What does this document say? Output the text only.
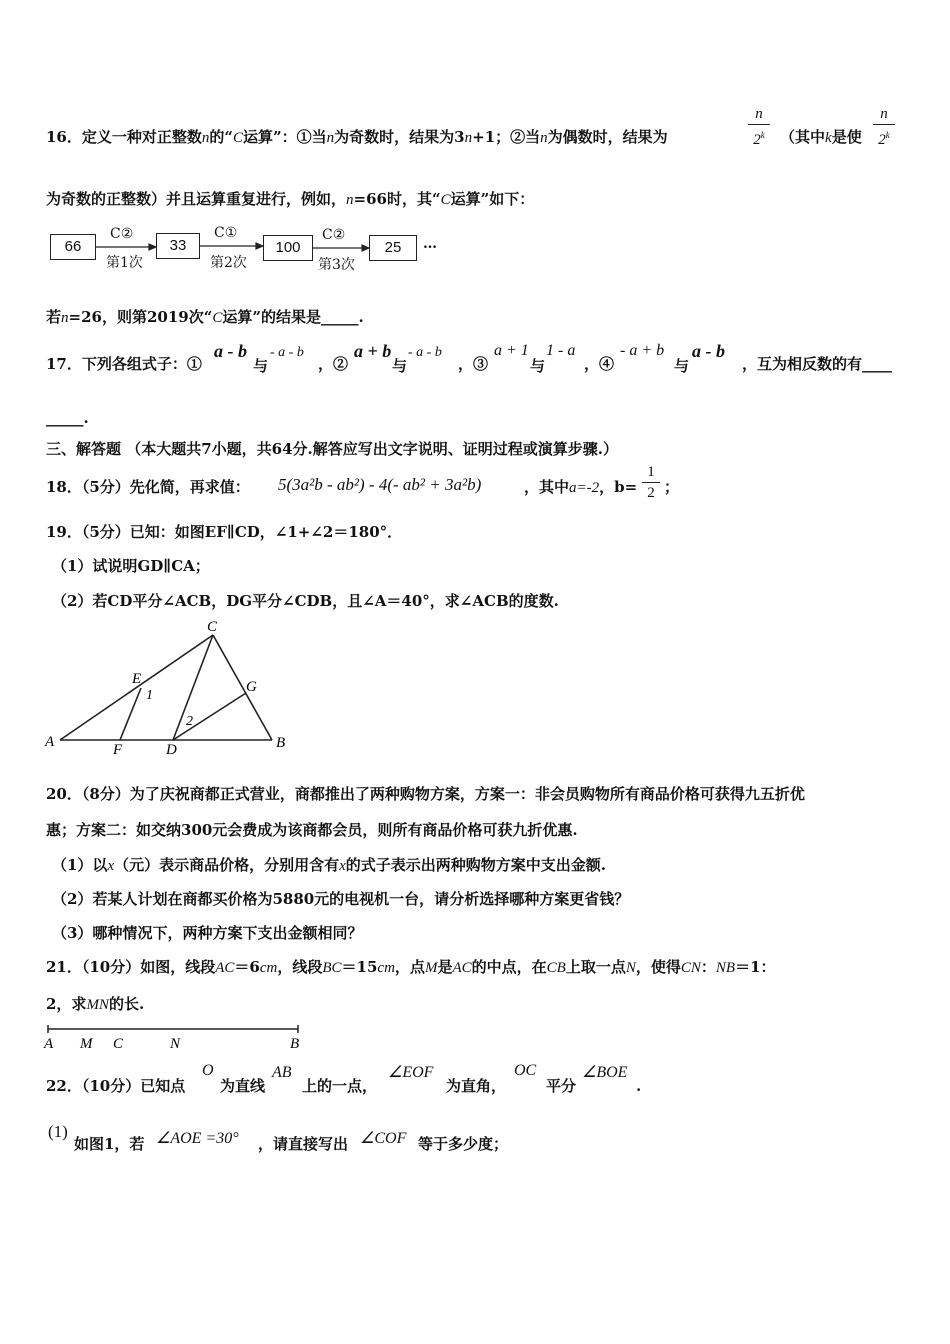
16．定义一种对正整数n的“C运算”：①当n为奇数时，结果为3n+1；②当n为偶数时，结果为	$\frac{n}{2^k}$ （其中k是使 $\frac{n}{2^k}$
为奇数的正整数）并且运算重复进行，例如，n=66时，其“C运算”如下：
66	33	100	25
C②	C①	C②
第1次	第2次	第3次
…
若n=26，则第2019次“C运算”的结果是_____.
17．下列各组式子：①
a - b
与
- a - b
，②
a + b
与
- a - b
，③
a + 1
与
1 - a
，④
- a + b
与
a - b
，互为相反数的有____
_____.
三、解答题 （本大题共7小题，共64分.解答应写出文字说明、证明过程或演算步骤.）
18．（5分）先化简，再求值： 5(3a²b - ab²) - 4(- ab² + 3a²b)	，其中a=-2，$b= \frac{1}{2}$ ；
19．（5分）已知：如图EF∥CD，∠1+∠2＝180°．
（1）试说明GD∥CA；
（2）若CD平分∠ACB，DG平分∠CDB，且∠A＝40°，求∠ACB的度数.
A	B
C
D
E
F
G
1
2
20．（8分）为了庆祝商都正式营业，商都推出了两种购物方案，方案一：非会员购物所有商品价格可获得九五折优
惠；方案二：如交纳300元会费成为该商都会员，则所有商品价格可获九折优惠.
（1）以x（元）表示商品价格，分别用含有x的式子表示出两种购物方案中支出金额.
（2）若某人计划在商都买价格为5880元的电视机一台，请分析选择哪种方案更省钱？
（3）哪种情况下，两种方案下支出金额相同？
21．（10分）如图，线段AC＝6cm，线段BC＝15cm，点M是AC的中点，在CB上取一点N，使得CN：NB＝1：
2，求MN的长.
A M C	N	B
22．（10分）已知点
O
为直线
AB
上的一点，
∠EOF
为直角，
OC
平分
∠BOE
.
(1)
如图1，若 ∠AOE =30° ，请直接写出 ∠COF 等于多少度；
